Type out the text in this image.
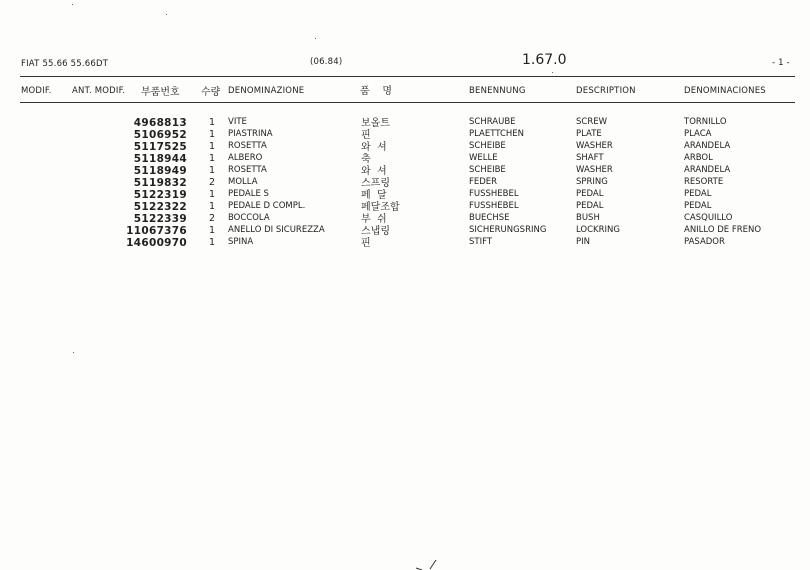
FIAT 55.66 55.66DT	(06.84)	1.67.0	- 1 -
MODIF. ANT. MODIF. 부품번호 수량 DENOMINAZIONE	품    명	BENENNUNG	DESCRIPTION	DENOMINACIONES
4968813 1 VITE	보올트	SCHRAUBE	SCREW	TORNILLO
5106952 1 PIASTRINA	핀	PLAETTCHEN	PLATE	PLACA
5117525 1 ROSETTA	와  셔	SCHEIBE	WASHER	ARANDELA
5118944 1 ALBERO	축	WELLE	SHAFT	ARBOL
5118949 1 ROSETTA	와  셔	SCHEIBE	WASHER	ARANDELA
5119832 2 MOLLA	스프링	FEDER	SPRING	RESORTE
5122319 1 PEDALE S	페  달	FUSSHEBEL	PEDAL	PEDAL
5122322 1 PEDALE D COMPL.	페달조합	FUSSHEBEL	PEDAL	PEDAL
5122339 2 BOCCOLA	부  쉬	BUECHSE	BUSH	CASQUILLO
11067376 1 ANELLO DI SICUREZZA	스냅링	SICHERUNGSRING	LOCKRING	ANILLO DE FRENO
14600970 1 SPINA	핀	STIFT	PIN	PASADOR
